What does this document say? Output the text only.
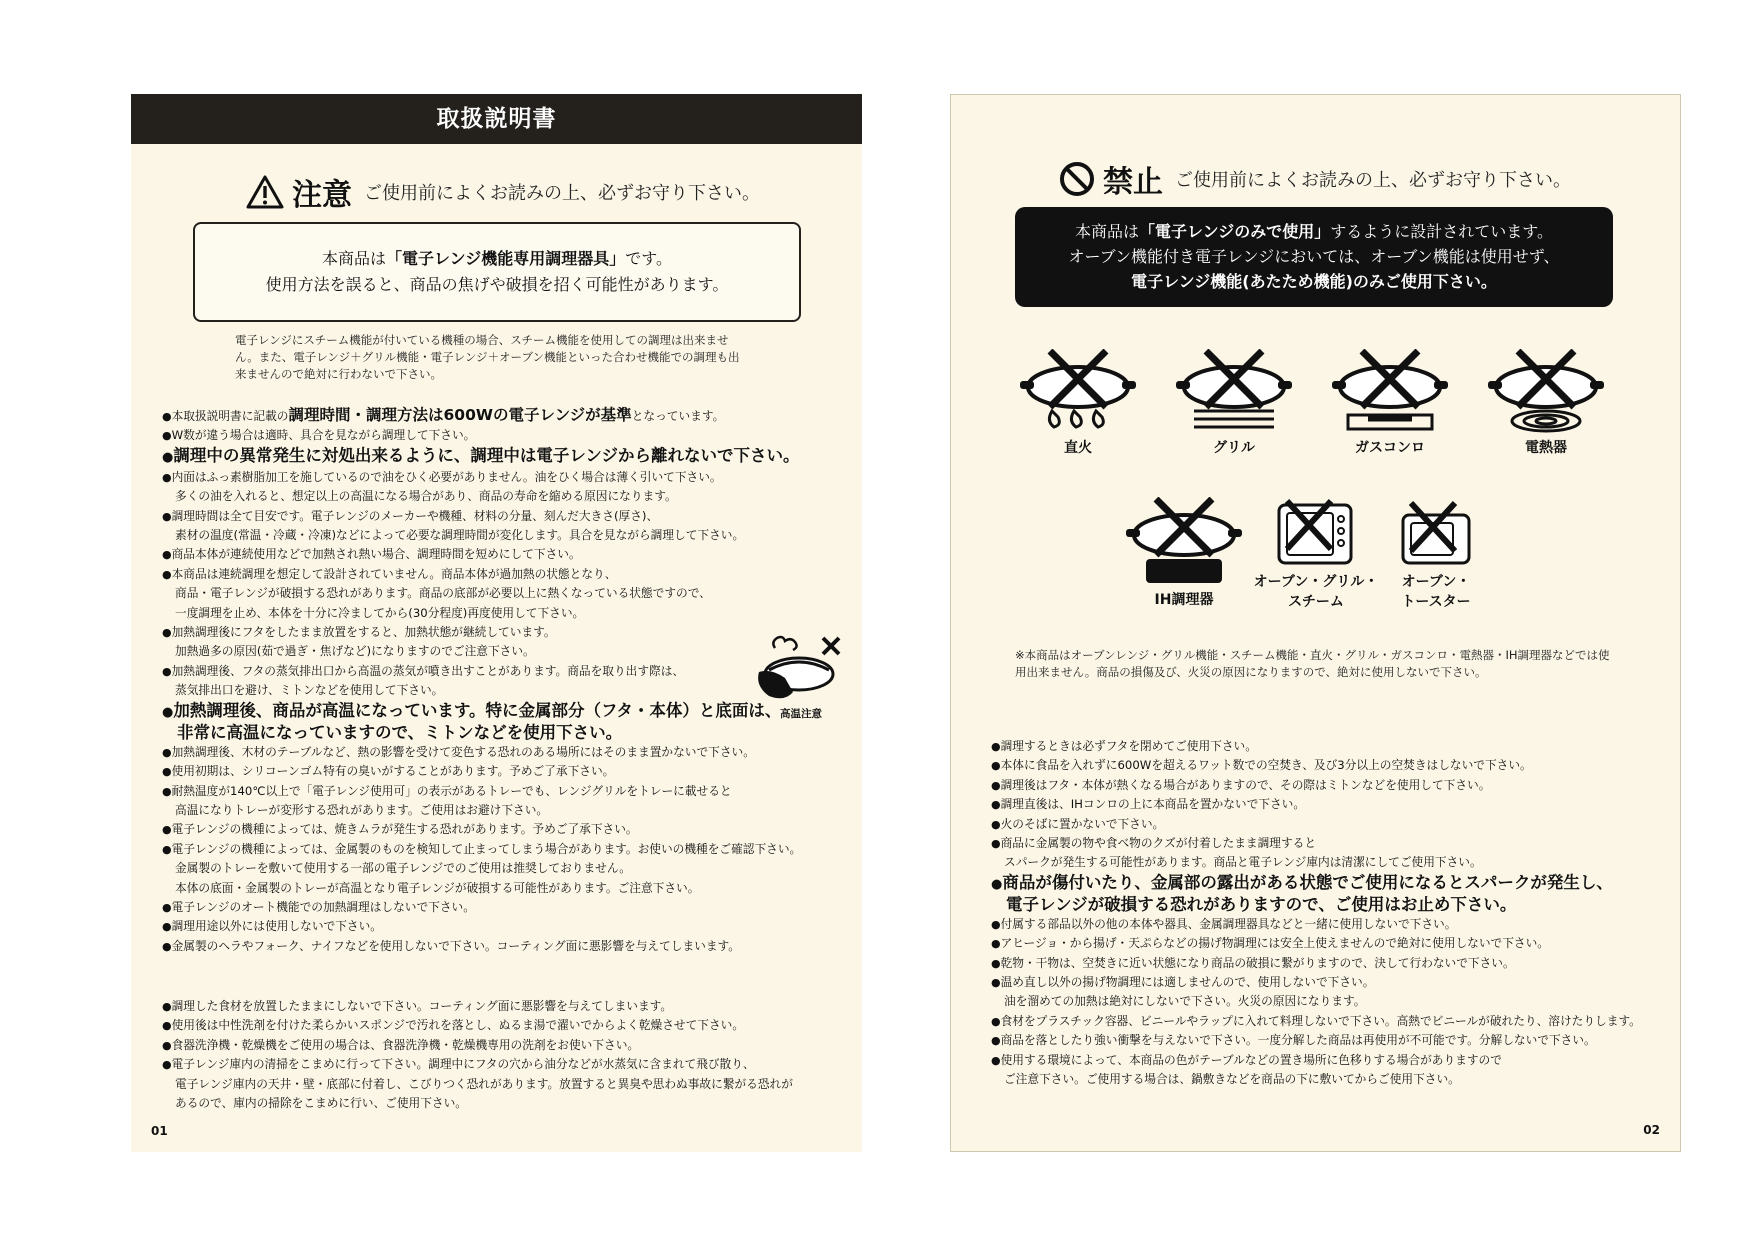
取扱説明書
注意 ご使用前によくお読みの上、必ずお守り下さい。
本商品は「電子レンジ機能専用調理器具」です。
使用方法を誤ると、商品の焦げや破損を招く可能性があります。
電子レンジにスチーム機能が付いている機種の場合、スチーム機能を使用しての調理は出来ませ
ん。また、電子レンジ＋グリル機能・電子レンジ＋オーブン機能といった合わせ機能での調理も出
来ませんので絶対に行わないで下さい。
● 本取扱説明書に記載の調理時間・調理方法は600Wの電子レンジが基準となっています。
● W数が違う場合は適時、具合を見ながら調理して下さい。
● 調理中の異常発生に対処出来るように、調理中は電子レンジから離れないで下さい。
● 内面はふっ素樹脂加工を施しているので油をひく必要がありません。油をひく場合は薄く引いて下さい。
多くの油を入れると、想定以上の高温になる場合があり、商品の寿命を縮める原因になります。
● 調理時間は全て目安です。電子レンジのメーカーや機種、材料の分量、刻んだ大きさ(厚さ)、
素材の温度(常温・冷蔵・冷凍)などによって必要な調理時間が変化します。具合を見ながら調理して下さい。
● 商品本体が連続使用などで加熱され熱い場合、調理時間を短めにして下さい。
● 本商品は連続調理を想定して設計されていません。商品本体が過加熱の状態となり、
商品・電子レンジが破損する恐れがあります。商品の底部が必要以上に熱くなっている状態ですので、
一度調理を止め、本体を十分に冷ましてから(30分程度)再度使用して下さい。
● 加熱調理後にフタをしたまま放置をすると、加熱状態が継続しています。
加熱過多の原因(茹で過ぎ・焦げなど)になりますのでご注意下さい。
● 加熱調理後、フタの蒸気排出口から高温の蒸気が噴き出すことがあります。商品を取り出す際は、
蒸気排出口を避け、ミトンなどを使用して下さい。
● 加熱調理後、商品が高温になっています。特に金属部分（フタ・本体）と底面は、
非常に高温になっていますので、ミトンなどを使用下さい。
● 加熱調理後、木材のテーブルなど、熱の影響を受けて変色する恐れのある場所にはそのまま置かないで下さい。
● 使用初期は、シリコーンゴム特有の臭いがすることがあります。予めご了承下さい。
● 耐熱温度が140℃以上で「電子レンジ使用可」の表示があるトレーでも、レンジグリルをトレーに載せると
高温になりトレーが変形する恐れがあります。ご使用はお避け下さい。
● 電子レンジの機種によっては、焼きムラが発生する恐れがあります。予めご了承下さい。
● 電子レンジの機種によっては、金属製のものを検知して止まってしまう場合があります。お使いの機種をご確認下さい。
金属製のトレーを敷いて使用する一部の電子レンジでのご使用は推奨しておりません。
本体の底面・金属製のトレーが高温となり電子レンジが破損する可能性があります。ご注意下さい。
● 電子レンジのオート機能での加熱調理はしないで下さい。
● 調理用途以外には使用しないで下さい。
● 金属製のヘラやフォーク、ナイフなどを使用しないで下さい。コーティング面に悪影響を与えてしまいます。
● 調理した食材を放置したままにしないで下さい。コーティング面に悪影響を与えてしまいます。
● 使用後は中性洗剤を付けた柔らかいスポンジで汚れを落とし、ぬるま湯で濯いでからよく乾燥させて下さい。
● 食器洗浄機・乾燥機をご使用の場合は、食器洗浄機・乾燥機専用の洗剤をお使い下さい。
● 電子レンジ庫内の清掃をこまめに行って下さい。調理中にフタの穴から油分などが水蒸気に含まれて飛び散り、
電子レンジ庫内の天井・壁・底部に付着し、こびりつく恐れがあります。放置すると異臭や思わぬ事故に繋がる恐れが
あるので、庫内の掃除をこまめに行い、ご使用下さい。
高温注意
01
禁止 ご使用前によくお読みの上、必ずお守り下さい。
本商品は「電子レンジのみで使用」するように設計されています。
オーブン機能付き電子レンジにおいては、オーブン機能は使用せず、
電子レンジ機能(あたため機能)のみご使用下さい。
直火	グリル	ガスコンロ	電熱器
IH調理器
オーブン・グリル・
スチーム
オーブン・
トースター
※本商品はオーブンレンジ・グリル機能・スチーム機能・直火・グリル・ガスコンロ・電熱器・IH調理器などでは使
用出来ません。商品の損傷及び、火災の原因になりますので、絶対に使用しないで下さい。
● 調理するときは必ずフタを閉めてご使用下さい。
● 本体に食品を入れずに600Wを超えるワット数での空焚き、及び3分以上の空焚きはしないで下さい。
● 調理後はフタ・本体が熱くなる場合がありますので、その際はミトンなどを使用して下さい。
● 調理直後は、IHコンロの上に本商品を置かないで下さい。
● 火のそばに置かないで下さい。
● 商品に金属製の物や食べ物のクズが付着したまま調理すると
スパークが発生する可能性があります。商品と電子レンジ庫内は清潔にしてご使用下さい。
● 商品が傷付いたり、金属部の露出がある状態でご使用になるとスパークが発生し、
電子レンジが破損する恐れがありますので、ご使用はお止め下さい。
● 付属する部品以外の他の本体や器具、金属調理器具などと一緒に使用しないで下さい。
● アヒージョ・から揚げ・天ぷらなどの揚げ物調理には安全上使えませんので絶対に使用しないで下さい。
● 乾物・干物は、空焚きに近い状態になり商品の破損に繋がりますので、決して行わないで下さい。
● 温め直し以外の揚げ物調理には適しませんので、使用しないで下さい。
油を溜めての加熱は絶対にしないで下さい。火災の原因になります。
● 食材をプラスチック容器、ビニールやラップに入れて料理しないで下さい。高熱でビニールが破れたり、溶けたりします。
● 商品を落としたり強い衝撃を与えないで下さい。一度分解した商品は再使用が不可能です。分解しないで下さい。
● 使用する環境によって、本商品の色がテーブルなどの置き場所に色移りする場合がありますので
ご注意下さい。ご使用する場合は、鍋敷きなどを商品の下に敷いてからご使用下さい。
02
